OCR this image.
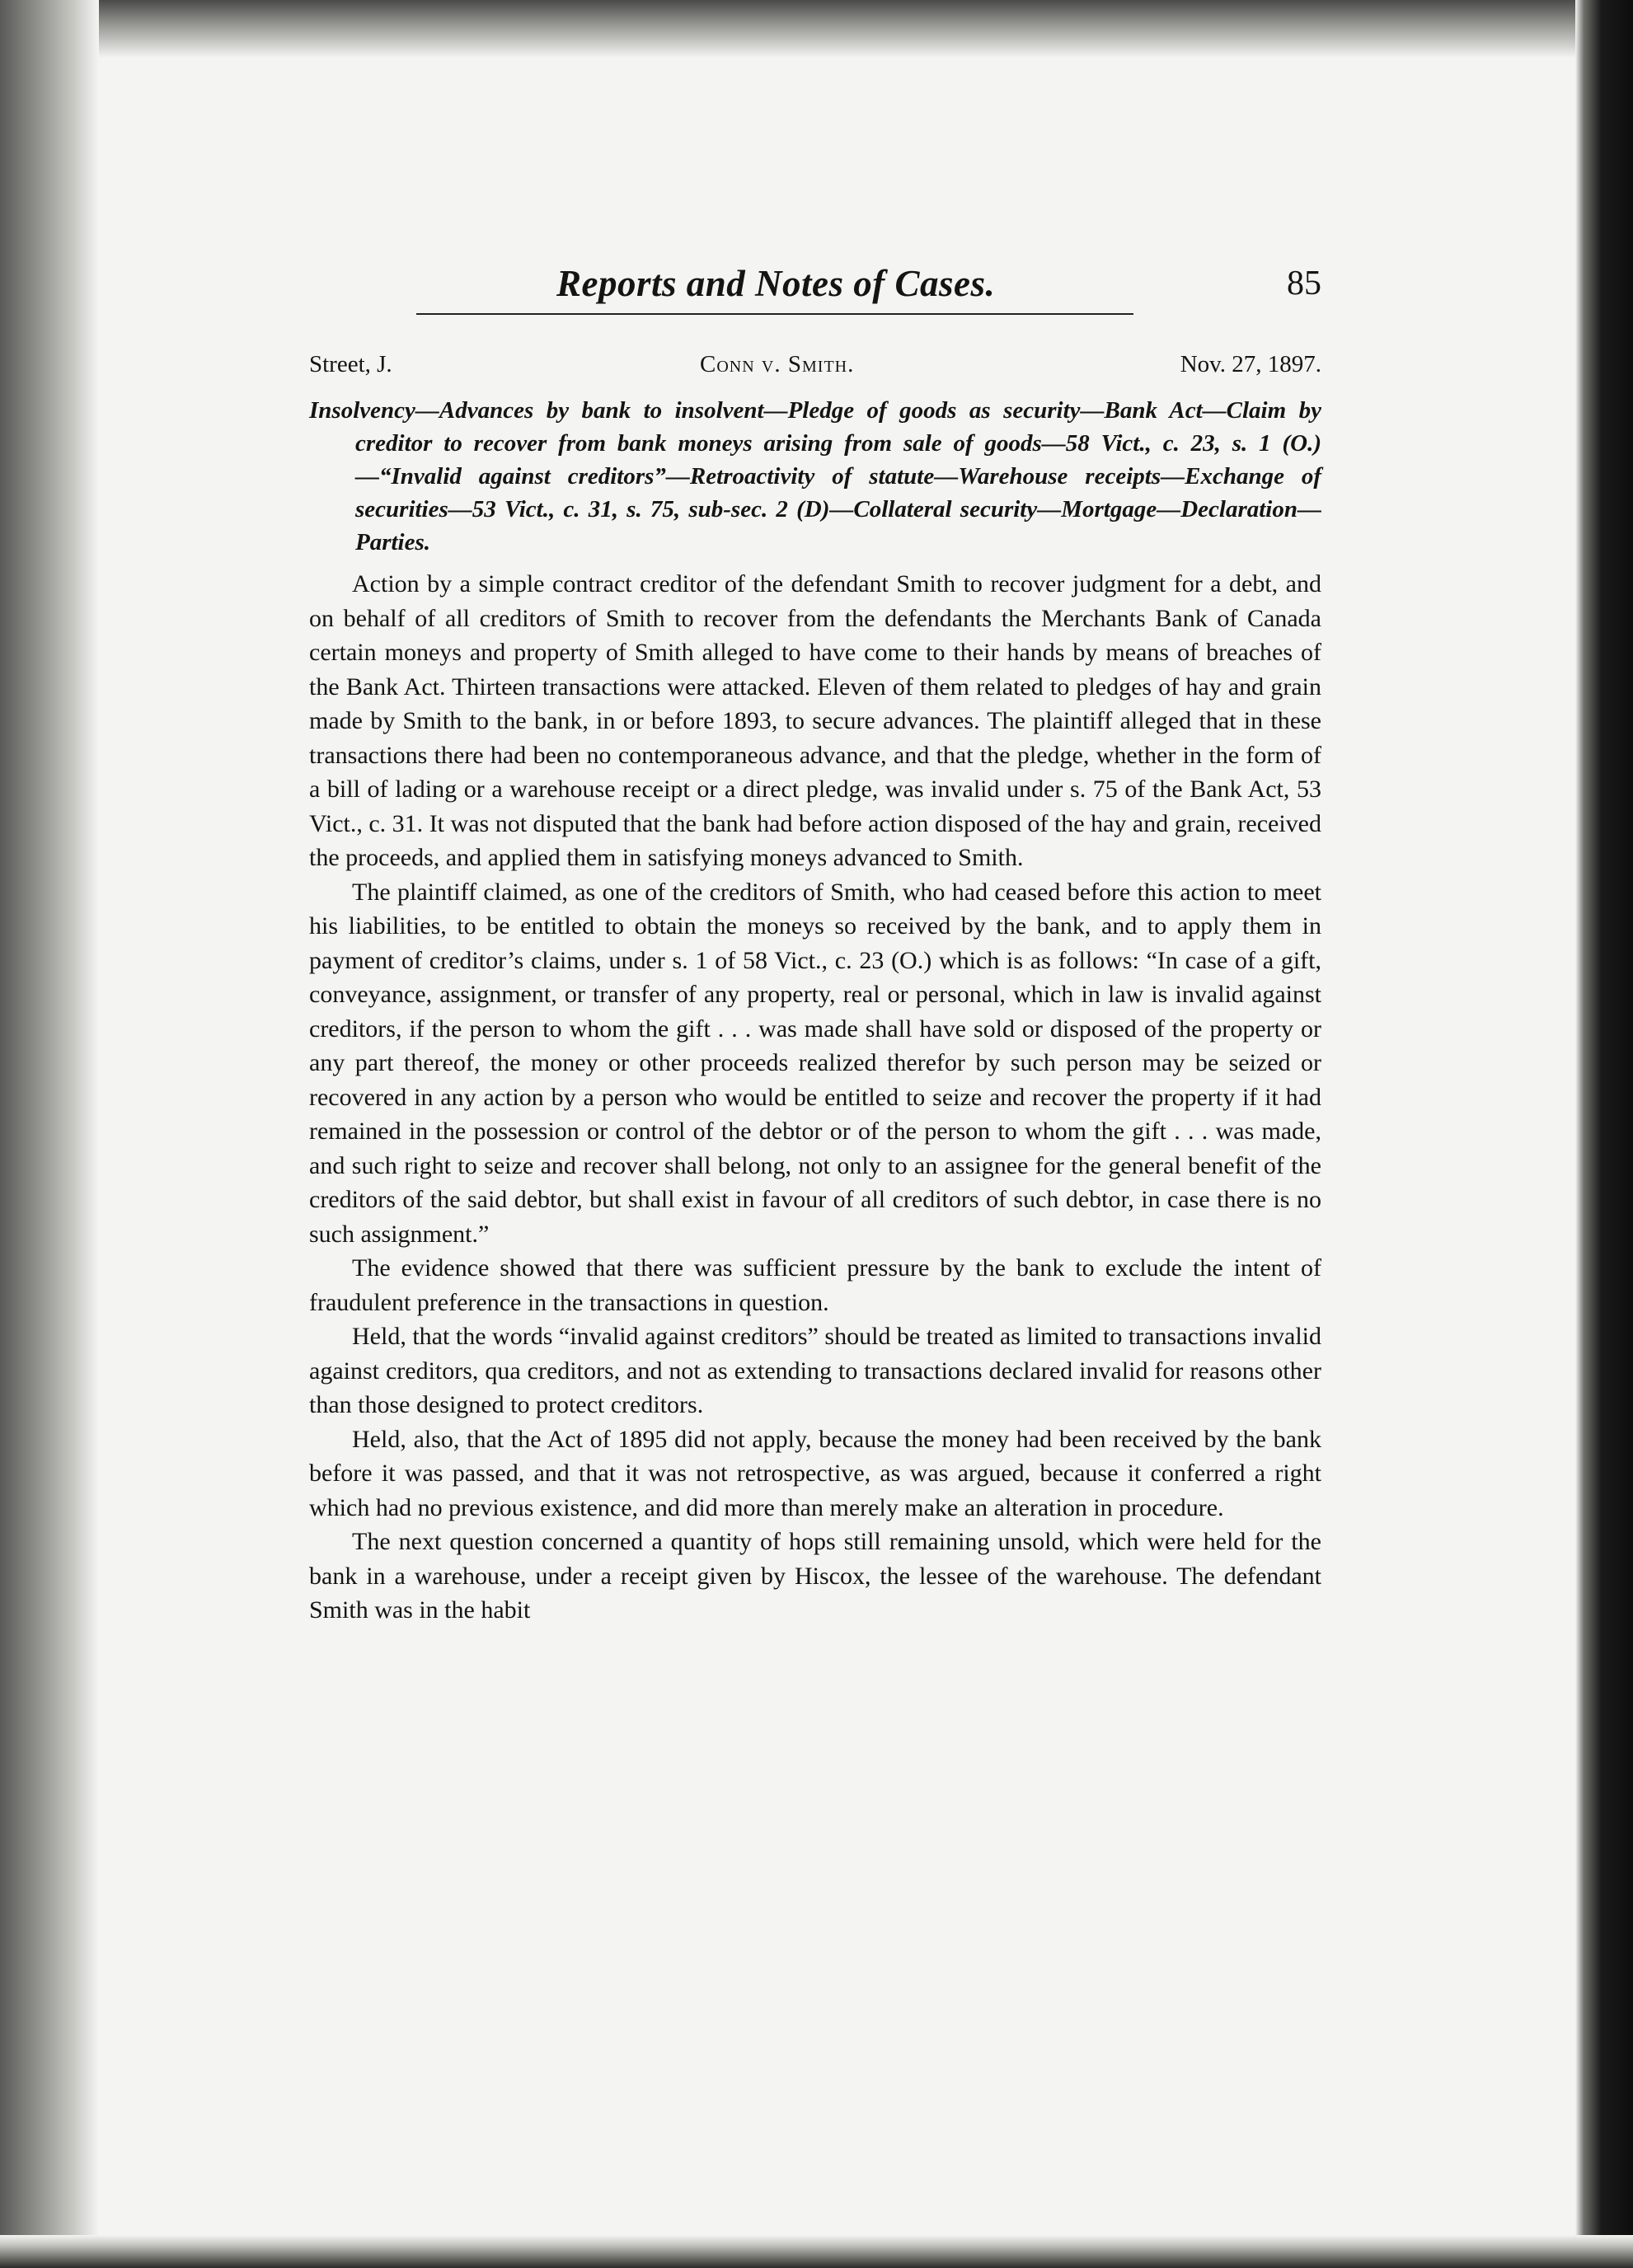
Reports and Notes of Cases.	85
Street, J.	Conn v. Smith.	Nov. 27, 1897.

Insolvency—Advances by bank to insolvent—Pledge of goods as security—Bank Act—Claim by creditor to recover from bank moneys arising from sale of goods—58 Vict., c. 23, s. 1 (O.)—“Invalid against creditors”—Retroactivity of statute—Warehouse receipts—Exchange of securities—53 Vict., c. 31, s. 75, sub-sec. 2 (D)—Collateral security—Mortgage—Declaration—Parties.

Action by a simple contract creditor of the defendant Smith to recover judgment for a debt, and on behalf of all creditors of Smith to recover from the defendants the Merchants Bank of Canada certain moneys and property of Smith alleged to have come to their hands by means of breaches of the Bank Act. Thirteen transactions were attacked. Eleven of them related to pledges of hay and grain made by Smith to the bank, in or before 1893, to secure advances. The plaintiff alleged that in these transactions there had been no contemporaneous advance, and that the pledge, whether in the form of a bill of lading or a warehouse receipt or a direct pledge, was invalid under s. 75 of the Bank Act, 53 Vict., c. 31. It was not disputed that the bank had before action disposed of the hay and grain, received the proceeds, and applied them in satisfying moneys advanced to Smith.

The plaintiff claimed, as one of the creditors of Smith, who had ceased before this action to meet his liabilities, to be entitled to obtain the moneys so received by the bank, and to apply them in payment of creditor’s claims, under s. 1 of 58 Vict., c. 23 (O.) which is as follows: “In case of a gift, conveyance, assignment, or transfer of any property, real or personal, which in law is invalid against creditors, if the person to whom the gift . . . was made shall have sold or disposed of the property or any part thereof, the money or other proceeds realized therefor by such person may be seized or recovered in any action by a person who would be entitled to seize and recover the property if it had remained in the possession or control of the debtor or of the person to whom the gift . . . was made, and such right to seize and recover shall belong, not only to an assignee for the general benefit of the creditors of the said debtor, but shall exist in favour of all creditors of such debtor, in case there is no such assignment.”

The evidence showed that there was sufficient pressure by the bank to exclude the intent of fraudulent preference in the transactions in question.

Held, that the words “invalid against creditors” should be treated as limited to transactions invalid against creditors, qua creditors, and not as extending to transactions declared invalid for reasons other than those designed to protect creditors.

Held, also, that the Act of 1895 did not apply, because the money had been received by the bank before it was passed, and that it was not retrospective, as was argued, because it conferred a right which had no previous existence, and did more than merely make an alteration in procedure.

The next question concerned a quantity of hops still remaining unsold, which were held for the bank in a warehouse, under a receipt given by Hiscox, the lessee of the warehouse. The defendant Smith was in the habit
